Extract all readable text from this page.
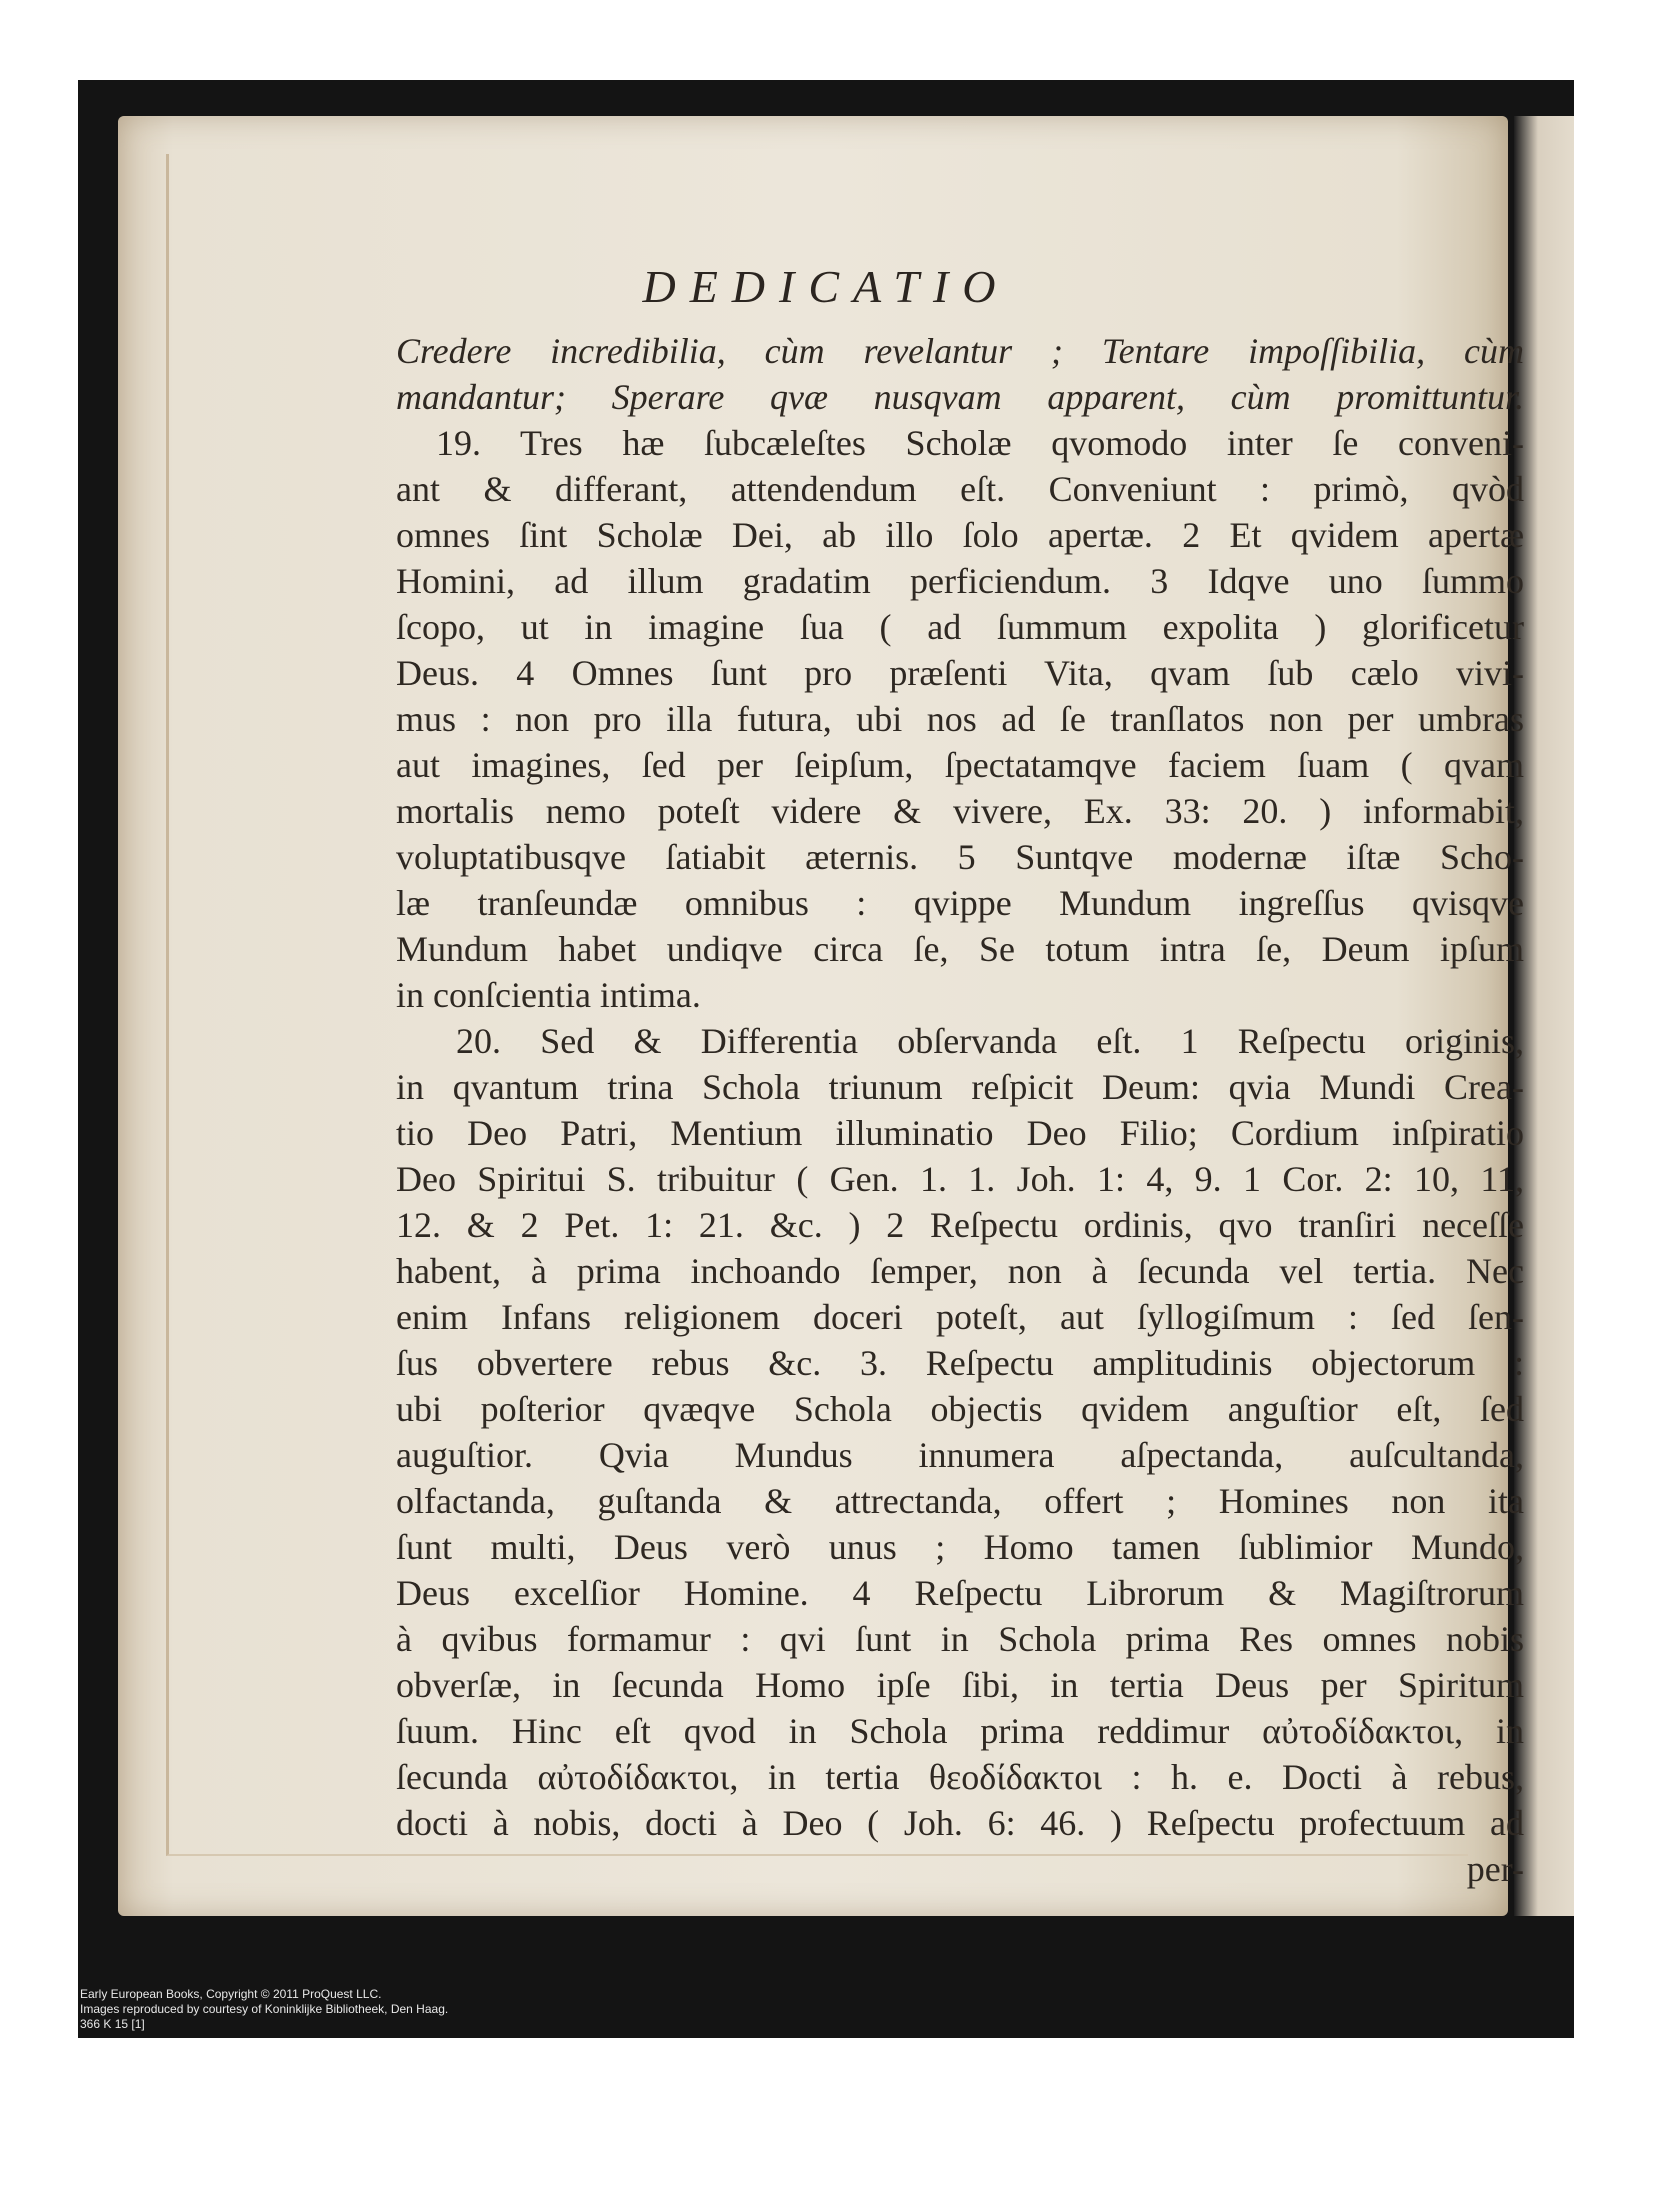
DEDICATIO
Credere incredibilia, cùm revelantur ; Tentare impoſſibilia, cùm
mandantur; Sperare qvæ nusqvam apparent, cùm promittuntur.
19. Tres hæ ſubcæleſtes Scholæ qvomodo inter ſe conveni-
ant & differant, attendendum eſt. Conveniunt : primò, qvòd
omnes ſint Scholæ Dei, ab illo ſolo apertæ. 2 Et qvidem apertæ
Homini, ad illum gradatim perficiendum. 3 Idqve uno ſummo
ſcopo, ut in imagine ſua ( ad ſummum expolita ) glorificetur
Deus. 4 Omnes ſunt pro præſenti Vita, qvam ſub cælo vivi-
mus : non pro illa futura, ubi nos ad ſe tranſlatos non per umbras
aut imagines, ſed per ſeipſum, ſpectatamqve faciem ſuam ( qvam
mortalis nemo poteſt videre & vivere, Ex. 33: 20. ) informabit,
voluptatibusqve ſatiabit æternis. 5 Suntqve modernæ iſtæ Scho-
læ tranſeundæ omnibus : qvippe Mundum ingreſſus qvisqve
Mundum habet undiqve circa ſe, Se totum intra ſe, Deum ipſum
in conſcientia intima.
20. Sed & Differentia obſervanda eſt. 1 Reſpectu originis,
in qvantum trina Schola triunum reſpicit Deum: qvia Mundi Crea-
tio Deo Patri, Mentium illuminatio Deo Filio; Cordium inſpiratio
Deo Spiritui S. tribuitur ( Gen. 1. 1. Joh. 1: 4, 9. 1 Cor. 2: 10, 11,
12. & 2 Pet. 1: 21. &c. ) 2 Reſpectu ordinis, qvo tranſiri neceſſe
habent, à prima inchoando ſemper, non à ſecunda vel tertia. Nec
enim Infans religionem doceri poteſt, aut ſyllogiſmum : ſed ſen-
ſus obvertere rebus &c. 3. Reſpectu amplitudinis objectorum :
ubi poſterior qvæqve Schola objectis qvidem anguſtior eſt, ſed
auguſtior. Qvia Mundus innumera aſpectanda, auſcultanda,
olfactanda, guſtanda & attrectanda, offert ; Homines non ita
ſunt multi, Deus verò unus ; Homo tamen ſublimior Mundo,
Deus excelſior Homine. 4 Reſpectu Librorum & Magiſtrorum
à qvibus formamur : qvi ſunt in Schola prima Res omnes nobis
obverſæ, in ſecunda Homo ipſe ſibi, in tertia Deus per Spiritum
ſuum. Hinc eſt qvod in Schola prima reddimur αὐτοδίδακτοι, in
ſecunda αὐτοδίδακτοι, in tertia θεοδίδακτοι : h. e. Docti à rebus,
docti à nobis, docti à Deo ( Joh. 6: 46. ) Reſpectu profectuum ad
per-
Early European Books, Copyright © 2011 ProQuest LLC.
Images reproduced by courtesy of Koninklijke Bibliotheek, Den Haag.
366 K 15 [1]
